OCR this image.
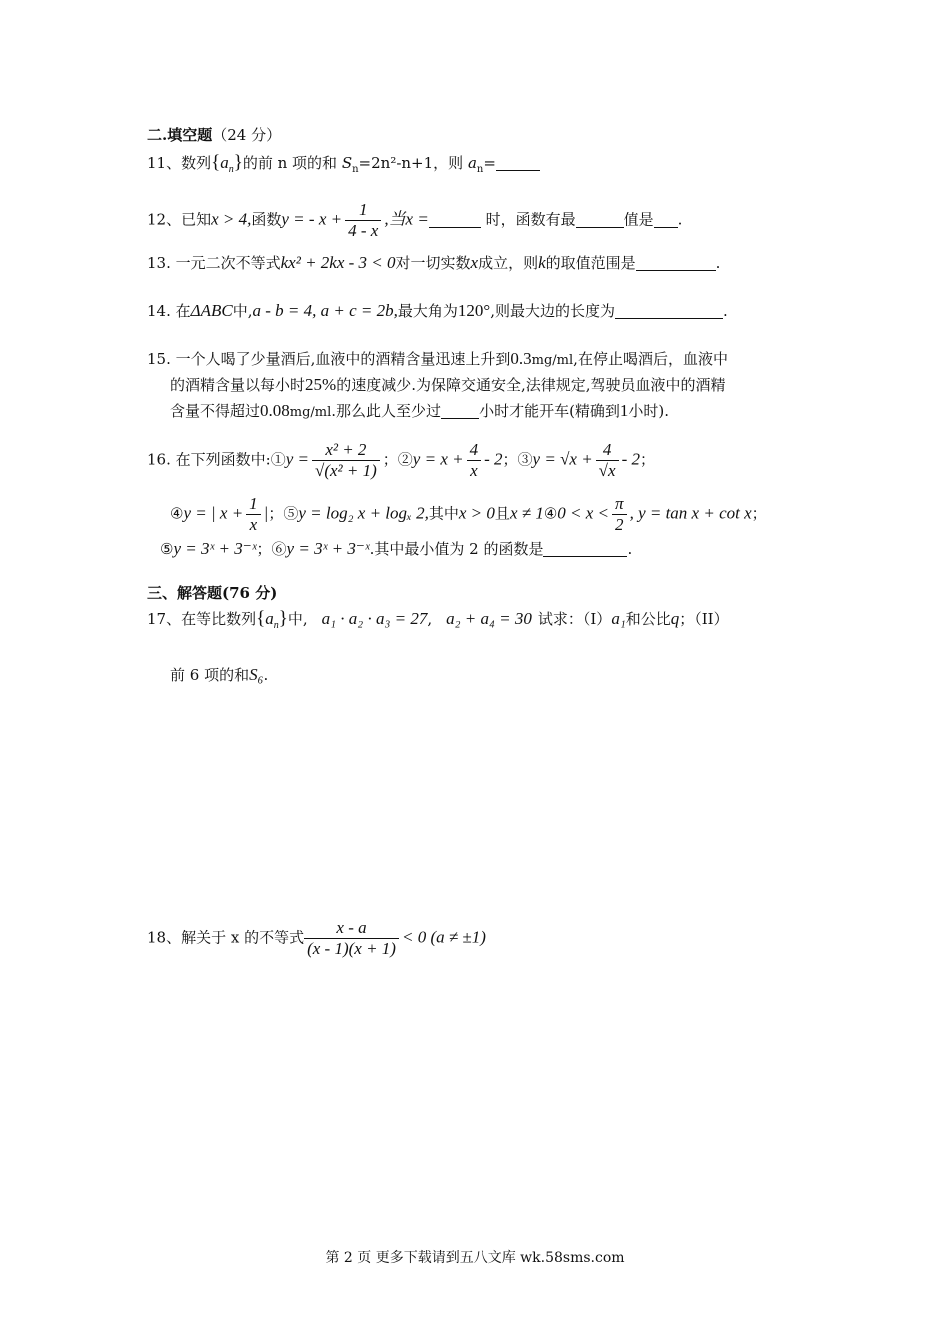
二.填空题（24 分）
11、数列$\{a_n\}$的前 n 项的和 $S_n=2n^2-n+1$，则 $a_n=$
12、已知x > 4,函数y = - $x + \frac{1}{4 - x}$ ,当x =	时，函数有最	值是 .
13. 一元二次不等式kx² + 2kx - 3 < 0对一切实数x成立，则k的取值范围是	.
14. 在ΔABC中,a - b = 4, a + c = 2b,最大角为120°,则最大边的长度为	.
15. 一个人喝了少量酒后,血液中的酒精含量迅速上升到0.3mg/ml,在停止喝酒后，血液中
的酒精含量以每小时25%的速度减少.为保障交通安全,法律规定,驾驶员血液中的酒精
含量不得超过0.08mg/ml.那么此人至少过	小时才能开车(精确到1小时).
16. 在下列函数中:①y = $\frac{\text{x² + 2}}{\text{√(x² + 1)}}$ ；②y = $x + \frac{4}{x} - 2$；③y = $√x + \frac{4}{√x} - 2$；
④y = | $x + \frac{1}{x}$ |；⑤y = log₂ x + logₓ 2,其中x > 0且x ≠ 1④0 < $x < \frac{\pi}{2}$ , y = tan x + cot x；
⑤y = 3ˣ + 3⁻ˣ；⑥y = 3ˣ + 3⁻ˣ.其中最小值为 2 的函数是	.
三、解答题(76 分)
17、在等比数列$\{a_n\}$中, a₁ · a₂ · a₃ = 27, a₂ + a₄ = 30 试求：（I）a₁和公比q；（II）
前 6 项的和S₆.
18、解关于 x 的不等式 $\frac{x - a}{(x - 1)(x + 1)} < 0$ (a ≠ ±1)
第 2 页 更多下载请到五八文库 wk.58sms.com
